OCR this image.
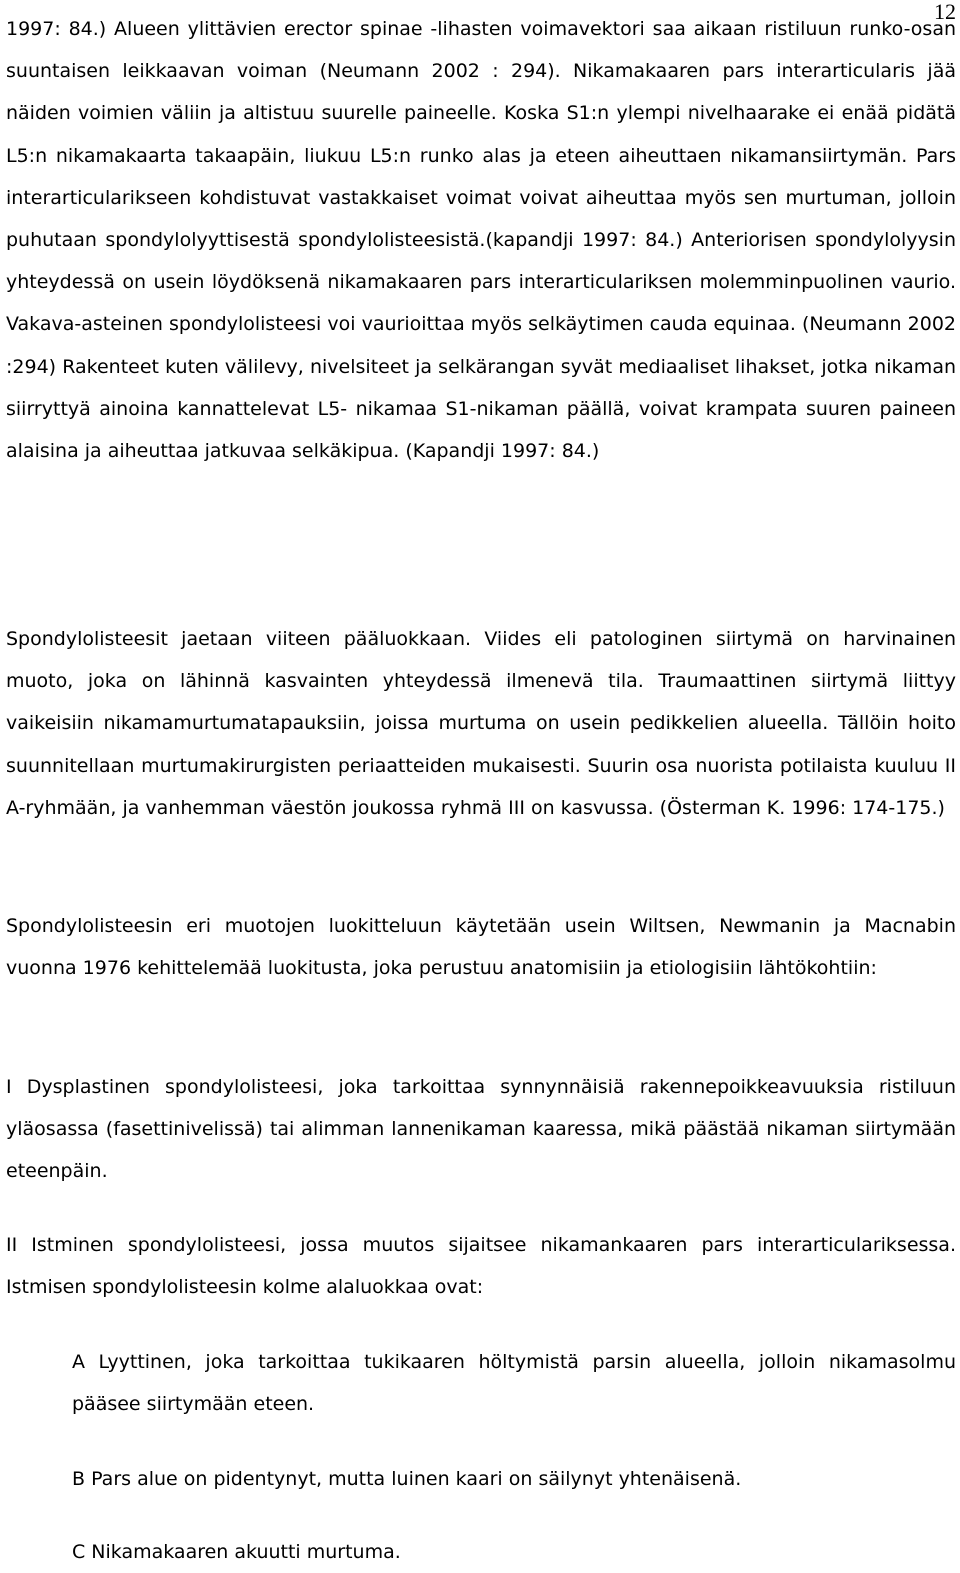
12

1997: 84.) Alueen ylittävien erector spinae -lihasten voimavektori saa aikaan ristiluun runko-osan suuntaisen leikkaavan voiman (Neumann 2002 : 294). Nikamakaaren pars interarticularis jää näiden voimien väliin ja altistuu suurelle paineelle. Koska S1:n ylempi nivelhaarake ei enää pidätä L5:n nikamakaarta takaapäin, liukuu L5:n runko alas ja eteen aiheuttaen nikamansiirtymän. Pars interarticularikseen kohdistuvat vastakkaiset voimat voivat aiheuttaa myös sen murtuman, jolloin puhutaan spondylolyyttisestä spondylolisteesistä.(kapandji 1997: 84.) Anteriorisen spondylolyysin yhteydessä on usein löydöksenä nikamakaaren pars interarticulariksen molemminpuolinen vaurio. Vakava-asteinen spondylolisteesi voi vaurioittaa myös selkäytimen cauda equinaa. (Neumann 2002 :294) Rakenteet kuten välilevy, nivelsiteet ja selkärangan syvät mediaaliset lihakset, jotka nikaman siirryttyä ainoina kannattelevat L5- nikamaa S1-nikaman päällä, voivat krampata suuren paineen alaisina ja aiheuttaa jatkuvaa selkäkipua. (Kapandji 1997: 84.)

Spondylolisteesit jaetaan viiteen pääluokkaan. Viides eli patologinen siirtymä on harvinainen muoto, joka on lähinnä kasvainten yhteydessä ilmenevä tila. Traumaattinen siirtymä liittyy vaikeisiin nikamamurtumatapauksiin, joissa murtuma on usein pedikkelien alueella. Tällöin hoito suunnitellaan murtumakirurgisten periaatteiden mukaisesti. Suurin osa nuorista potilaista kuuluu II A-ryhmään, ja vanhemman väestön joukossa ryhmä III on kasvussa. (Österman K. 1996: 174-175.)

Spondylolisteesin eri muotojen luokitteluun käytetään usein Wiltsen, Newmanin ja Macnabin vuonna 1976 kehittelemää luokitusta, joka perustuu anatomisiin ja etiologisiin lähtökohtiin:

I Dysplastinen spondylolisteesi, joka tarkoittaa synnynnäisiä rakennepoikkeavuuksia ristiluun yläosassa (fasettinivelissä) tai alimman lannenikaman kaaressa, mikä päästää nikaman siirtymään eteenpäin.

II Istminen spondylolisteesi, jossa muutos sijaitsee nikamankaaren pars interarticulariksessa. Istmisen spondylolisteesin kolme alaluokkaa ovat:

A Lyyttinen, joka tarkoittaa tukikaaren höltymistä parsin alueella, jolloin nikamasolmu pääsee siirtymään eteen.

B Pars alue on pidentynyt, mutta luinen kaari on säilynyt yhtenäisenä.

C Nikamakaaren akuutti murtuma.
